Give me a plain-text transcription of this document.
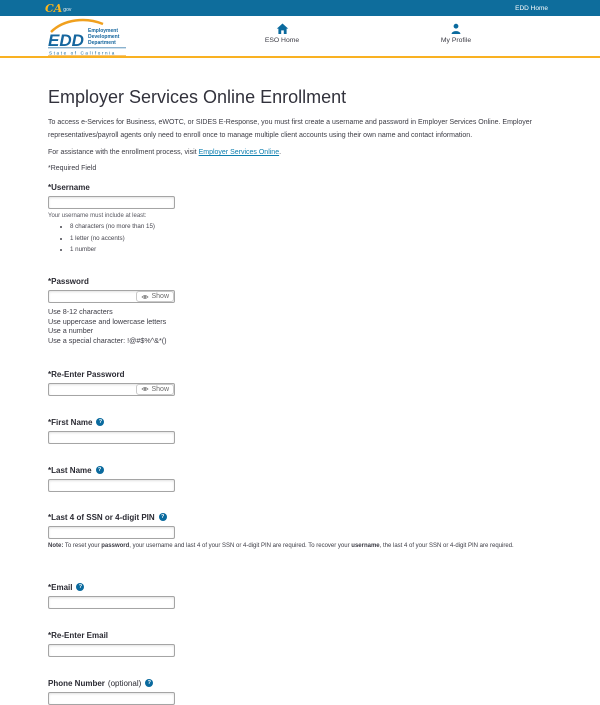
CA gov	EDD Home
EDD Employment
Development
Department
State of California
ESO Home	My Profile
Employer Services Online Enrollment

To access e-Services for Business, eWOTC, or SIDES E-Response, you must first create a username and password in Employer Services Online. Employer representatives/payroll agents only need to enroll once to manage multiple client accounts using their own name and contact information.

For assistance with the enrollment process, visit Employer Services Online.

*Required Field

*Username
Your username must include at least:
• 8 characters (no more than 15)
• 1 letter (no accents)
• 1 number
*Password
Show
Use 8-12 characters
Use uppercase and lowercase letters
Use a number
Use a special character: !@#$%^&*()
*Re-Enter Password
Show
*First Name	?
*Last Name	?
*Last 4 of SSN or 4-digit PIN	?

Note: To reset your password, your username and last 4 of your SSN or 4-digit PIN are required. To recover your username, the last 4 of your SSN or 4-digit PIN are required.

*Email	?
*Re-Enter Email
Phone Number (optional)	?
